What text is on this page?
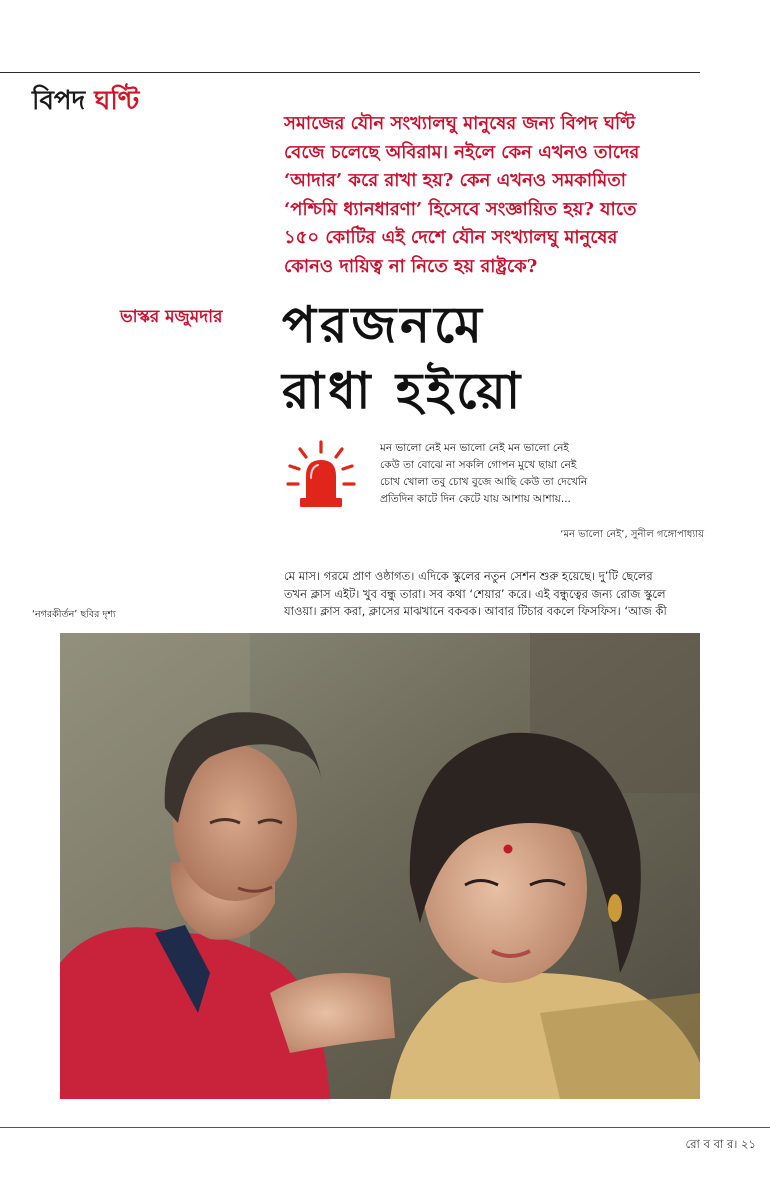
বিপদ ঘণ্টি

সমাজের যৌন সংখ্যালঘু মানুষের জন্য বিপদ ঘণ্টি
বেজে চলেছে অবিরাম। নইলে কেন এখনও তাদের
‘আদার’ করে রাখা হয়? কেন এখনও সমকামিতা
‘পশ্চিমি ধ্যানধারণা’ হিসেবে সংজ্ঞায়িত হয়? যাতে
১৫০ কোটির এই দেশে যৌন সংখ্যালঘু মানুষের
কোনও দায়িত্ব না নিতে হয় রাষ্ট্রকে?

ভাস্কর মজুমদার পরজনমে
রাধা হইয়ো
মন ভালো নেই মন ভালো নেই মন ভালো নেই
কেউ তা বোঝে না সকলি গোপন মুখে ছায়া নেই
চোখ খোলা তবু চোখ বুজে আছি কেউ তা দেখেনি
প্রতিদিন কাটে দিন কেটে যায় আশায় আশায়...
‘মন ভালো নেই’, সুনীল গঙ্গোপাধ্যায়
মে মাস। গরমে প্রাণ ওষ্ঠাগত। এদিকে স্কুলের নতুন সেশন শুরু হয়েছে। দু’টি ছেলের
তখন ক্লাস এইট। খুব বন্ধু তারা। সব কথা ‘শেয়ার’ করে। এই বন্ধুত্বের জন্য রোজ স্কুলে
যাওয়া। ক্লাস করা, ক্লাসের মাঝখানে বকবক। আবার টিচার বকলে ফিসফিস। ‘আজ কী
‘নগরকীর্তন’ ছবির দৃশ্য
রো ব বা র। ২১
